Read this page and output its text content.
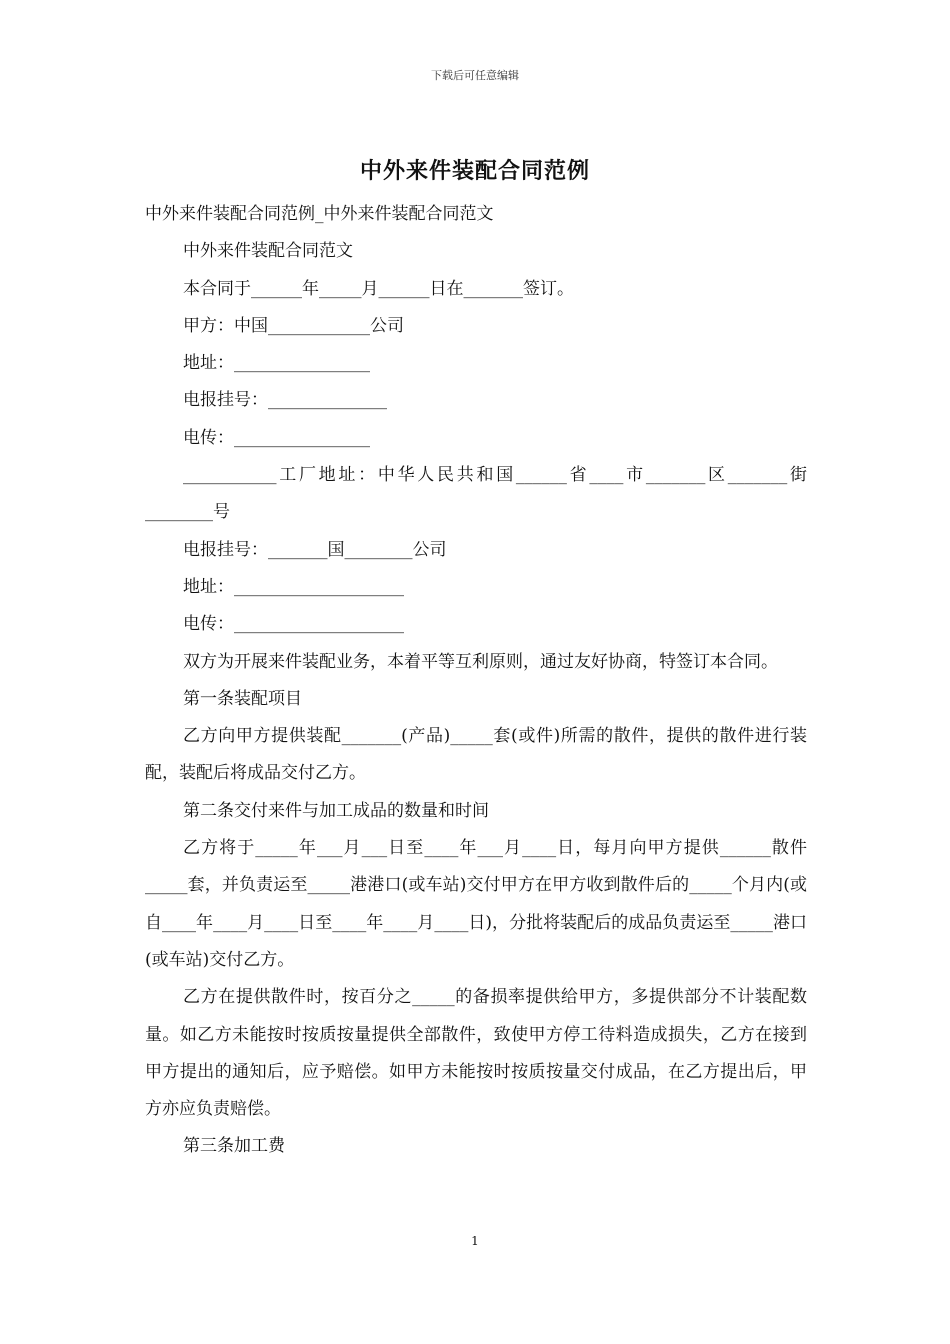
下载后可任意编辑
中外来件装配合同范例

中外来件装配合同范例_中外来件装配合同范文

中外来件装配合同范文

本合同于______年_____月______日在_______签订。

甲方：中国____________公司

地址：________________

电报挂号：______________

电传：________________

___________工厂地址：中华人民共和国______省____市_______区_______街________号

电报挂号：_______国________公司

地址：____________________

电传：____________________

双方为开展来件装配业务，本着平等互利原则，通过友好协商，特签订本合同。

第一条装配项目

乙方向甲方提供装配_______(产品)_____套(或件)所需的散件，提供的散件进行装配，装配后将成品交付乙方。

第二条交付来件与加工成品的数量和时间

乙方将于_____年___月___日至____年___月____日，每月向甲方提供______散件_____套，并负责运至_____港港口(或车站)交付甲方在甲方收到散件后的_____个月内(或自____年____月____日至____年____月____日)，分批将装配后的成品负责运至_____港口(或车站)交付乙方。

乙方在提供散件时，按百分之_____的备损率提供给甲方，多提供部分不计装配数量。如乙方未能按时按质按量提供全部散件，致使甲方停工待料造成损失，乙方在接到甲方提出的通知后，应予赔偿。如甲方未能按时按质按量交付成品，在乙方提出后，甲方亦应负责赔偿。

第三条加工费

1
